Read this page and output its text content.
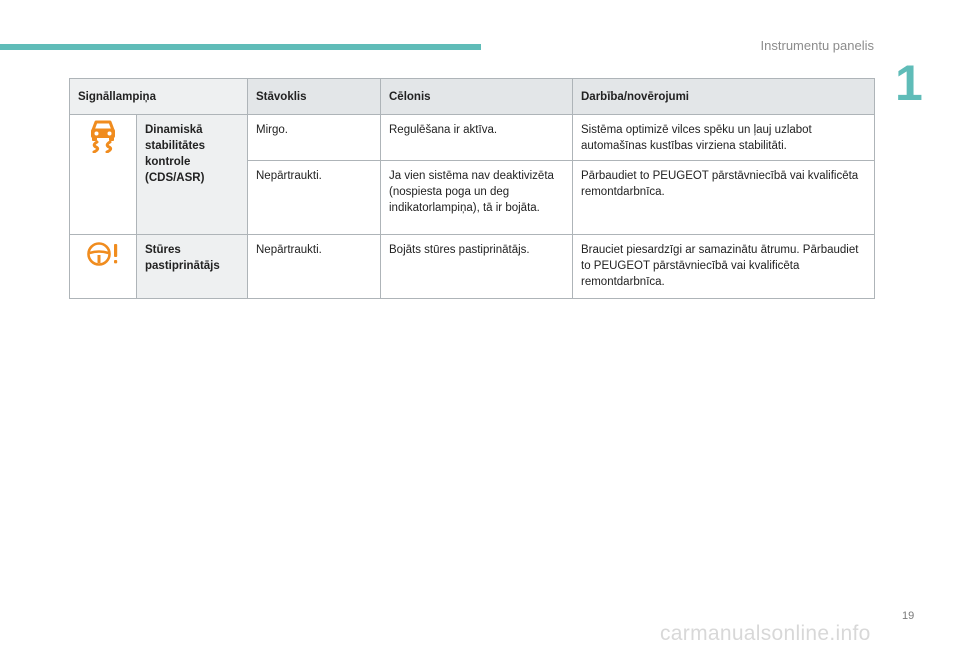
Instrumentu panelis
1
Signāllampiņa		Stāvoklis	Cēlonis	Darbība/novērojumi
	Dinamiskā stabilitātes kontrole (CDS/ASR)	Mirgo.	Regulēšana ir aktīva.	Sistēma optimizē vilces spēku un ļauj uzlabot automašīnas kustības virziena stabilitāti.
		Nepārtraukti.	Ja vien sistēma nav deaktivizēta (nospiesta poga un deg indikatorlampiņa), tā ir bojāta.	Pārbaudiet to PEUGEOT pārstāvniecībā vai kvalificēta remontdarbnīca.
	Stūres pastiprinātājs	Nepārtraukti.	Bojāts stūres pastiprinātājs.	Brauciet piesardzīgi ar samazinātu ātrumu. Pārbaudiet to PEUGEOT pārstāvniecībā vai kvalificēta remontdarbnīca.
19
carmanualsonline.info
